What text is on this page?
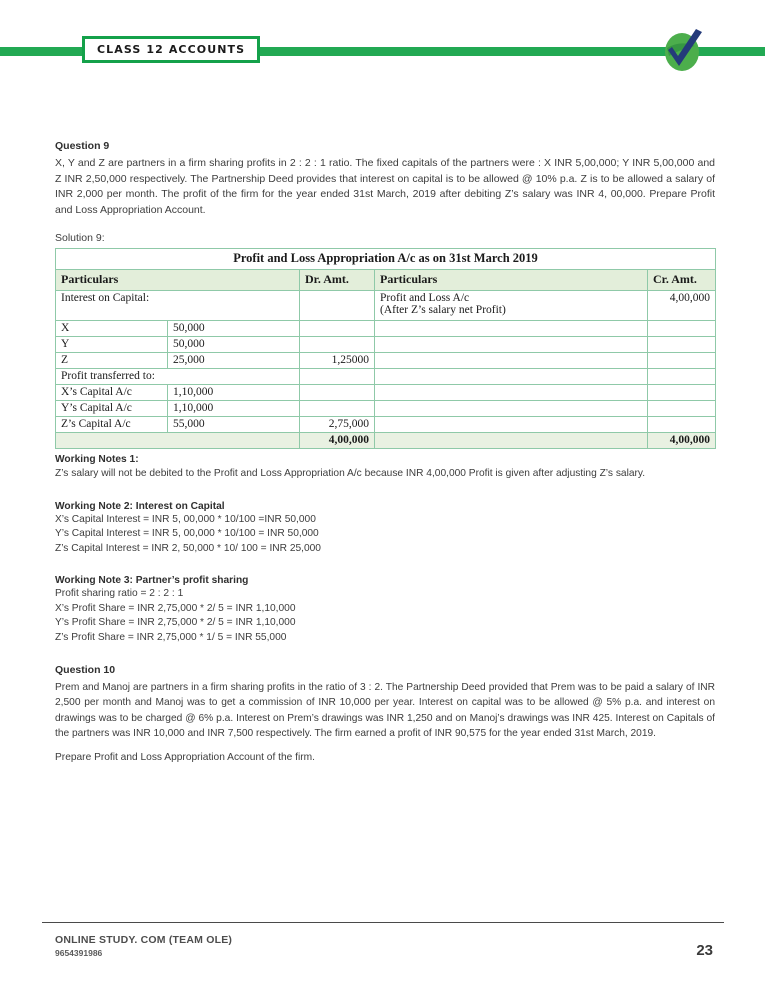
CLASS 12 ACCOUNTS
Question 9
X, Y and Z are partners in a firm sharing profits in 2 : 2 : 1 ratio. The fixed capitals of the partners were : X INR 5,00,000; Y INR 5,00,000 and Z INR 2,50,000 respectively. The Partnership Deed provides that interest on capital is to be allowed @ 10% p.a. Z is to be allowed a salary of INR 2,000 per month. The profit of the firm for the year ended 31st March, 2019 after debiting Z’s salary was INR 4, 00,000. Prepare Profit and Loss Appropriation Account.
Solution 9:
Profit and Loss Appropriation A/c as on 31st March 2019				
Particulars		Dr. Amt.	Particulars	Cr. Amt.
Interest on Capital:			Profit and Loss A/c
(After Z’s salary net Profit)	4,00,000
X	50,000			
Y	50,000			
Z	25,000	1,25000		
Profit transferred to:				
X’s Capital A/c	1,10,000			
Y’s Capital A/c	1,10,000			
Z’s Capital A/c	55,000	2,75,000		
		4,00,000		4,00,000
Working Notes 1:
Z’s salary will not be debited to the Profit and Loss Appropriation A/c because INR 4,00,000 Profit is given after adjusting Z’s salary.
Working Note 2: Interest on Capital
X’s Capital Interest = INR 5, 00,000 * 10/100 =INR 50,000
Y’s Capital Interest = INR 5, 00,000 * 10/100 = INR 50,000
Z’s Capital Interest = INR 2, 50,000 * 10/ 100 = INR 25,000
Working Note 3: Partner’s profit sharing
Profit sharing ratio = 2 : 2 : 1
X’s Profit Share = INR 2,75,000 * 2/ 5 = INR 1,10,000
Y’s Profit Share = INR 2,75,000 * 2/ 5 = INR 1,10,000
Z’s Profit Share = INR 2,75,000 * 1/ 5 = INR 55,000
Question 10
Prem and Manoj are partners in a firm sharing profits in the ratio of 3 : 2. The Partnership Deed provided that Prem was to be paid a salary of INR 2,500 per month and Manoj was to get a commission of INR 10,000 per year. Interest on capital was to be allowed @ 5% p.a. and interest on drawings was to be charged @ 6% p.a. Interest on Prem’s drawings was INR 1,250 and on Manoj’s drawings was INR 425. Interest on Capitals of the partners was INR 10,000 and INR 7,500 respectively. The firm earned a profit of INR 90,575 for the year ended 31st March, 2019.
Prepare Profit and Loss Appropriation Account of the firm.
ONLINE STUDY. COM (TEAM OLE)
9654391986	23
